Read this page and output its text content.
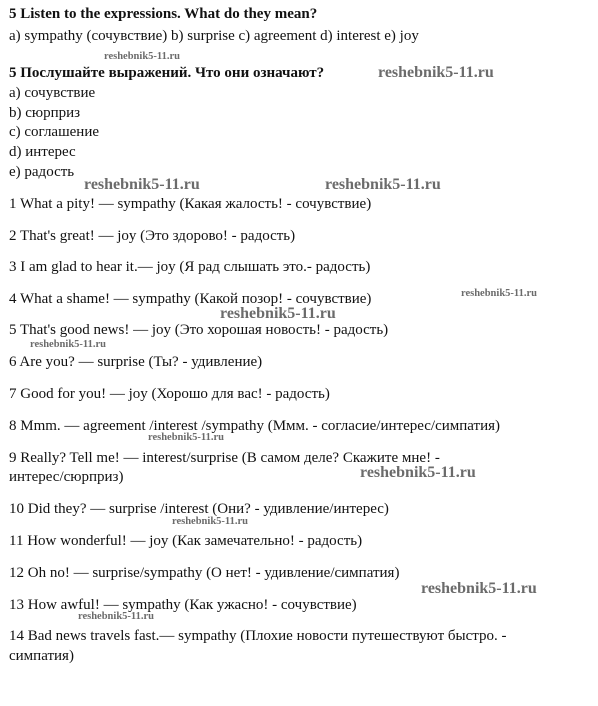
5 Listen to the expressions. What do they mean?
a) sympathy (сочувствие) b) surprise c) agreement d) interest e) joy
5 Послушайте выражений. Что они означают?
a) сочувствие
b) сюрприз
c) соглашение
d) интерес
e) радость
1 What a pity! — sympathy (Какая жалость! - сочувствие)
2 That's great! — joy (Это здорово! - радость)
3 I am glad to hear it.— joy (Я рад слышать это.- радость)
4 What a shame! — sympathy (Какой позор! - сочувствие)
5 That's good news! — joy (Это хорошая новость! - радость)
6 Are you? — surprise (Ты? - удивление)
7 Good for you! — joy (Хорошо для вас! - радость)
8 Mmm. — agreement /interest /sympathy (Ммм. - согласие/интерес/симпатия)
9 Really? Tell me! — interest/surprise (В самом деле? Скажите мне! -
интерес/сюрприз)
10 Did they? — surprise /interest (Они? - удивление/интерес)
11 How wonderful! — joy (Как замечательно! - радость)
12 Oh no! — surprise/sympathy (О нет! - удивление/симпатия)
13 How awful! — sympathy (Как ужасно! - сочувствие)
14 Bad news travels fast.— sympathy (Плохие новости путешествуют быстро. -
симпатия)
reshebnik5-11.ru
reshebnik5-11.ru
reshebnik5-11.ru	reshebnik5-11.ru
reshebnik5-11.ru
reshebnik5-11.ru
reshebnik5-11.ru
reshebnik5-11.ru
reshebnik5-11.ru
reshebnik5-11.ru
reshebnik5-11.ru
reshebnik5-11.ru
